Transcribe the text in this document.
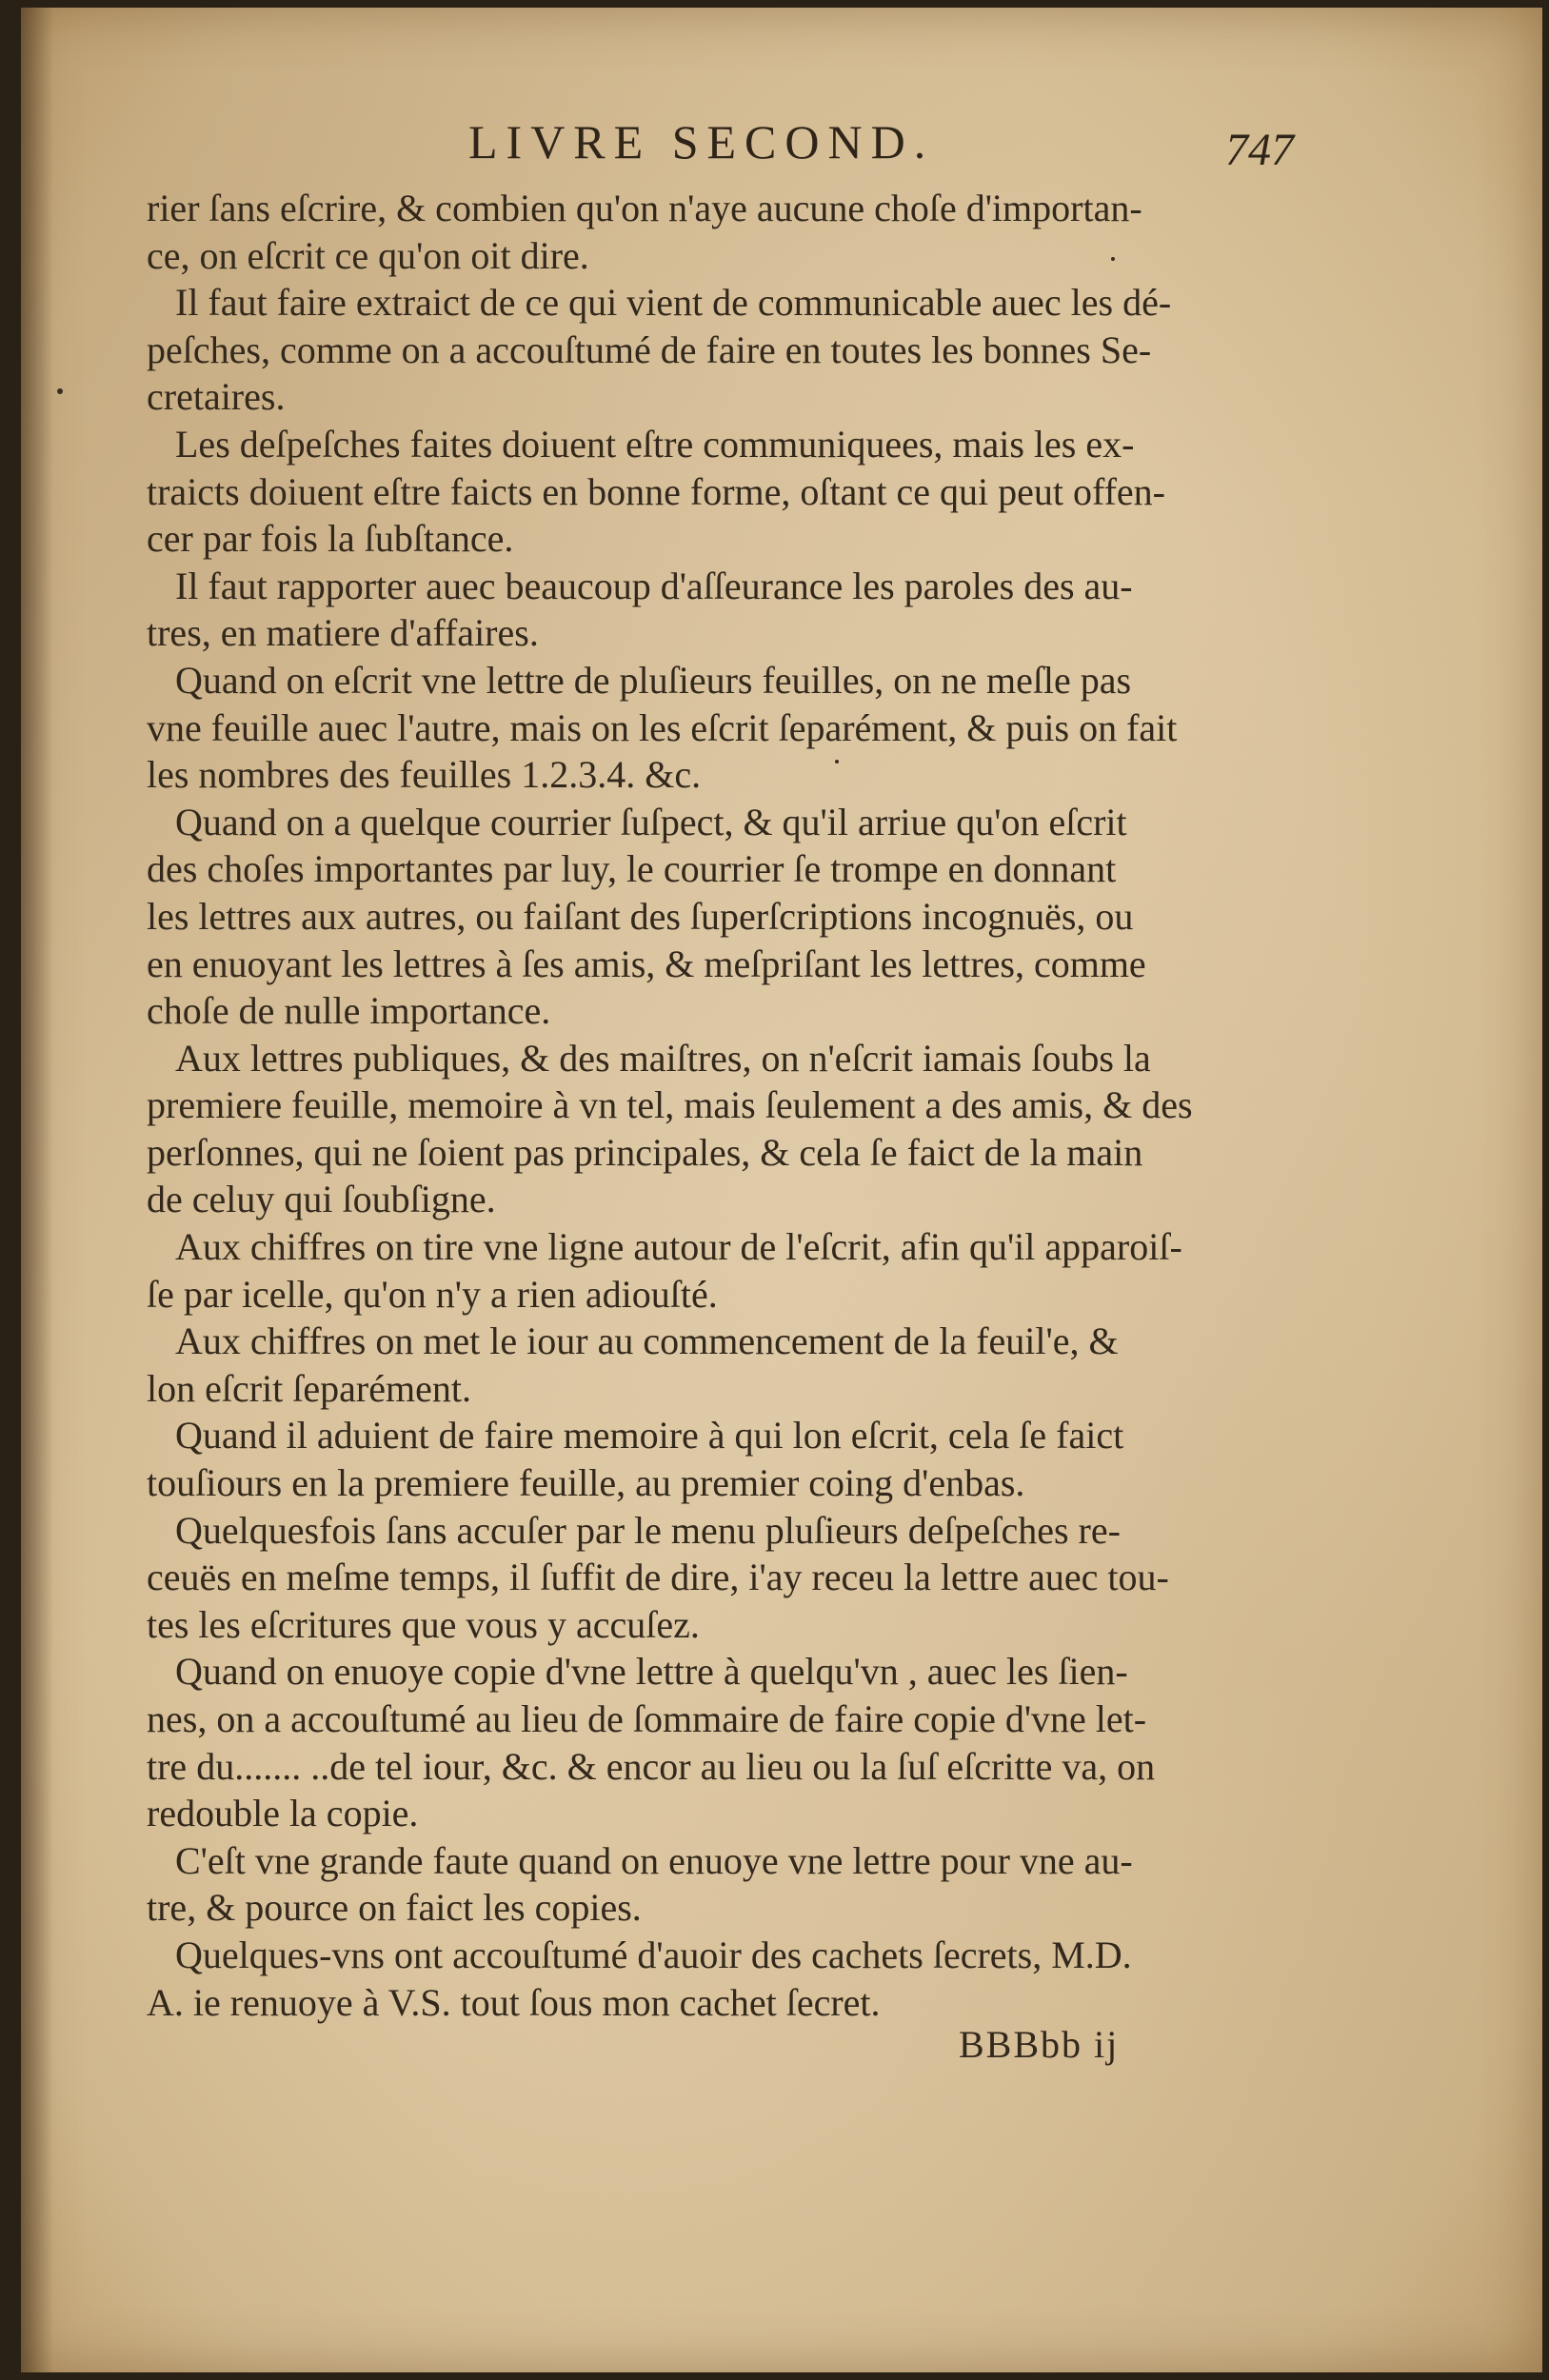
LIVRE SECOND.	747
rier ſans eſcrire, & combien qu'on n'aye aucune choſe d'importan-
ce, on eſcrit ce qu'on oit dire.
Il faut faire extraict de ce qui vient de communicable auec les dé-
peſches, comme on a accouſtumé de faire en toutes les bonnes Se-
cretaires.
Les deſpeſches faites doiuent eſtre communiquees, mais les ex-
traicts doiuent eſtre faicts en bonne forme, oſtant ce qui peut offen-
cer par fois la ſubſtance.
Il faut rapporter auec beaucoup d'aſſeurance les paroles des au-
tres, en matiere d'affaires.
Quand on eſcrit vne lettre de pluſieurs feuilles, on ne meſle pas
vne feuille auec l'autre, mais on les eſcrit ſeparément, & puis on fait
les nombres des feuilles 1.2.3.4. &c.
Quand on a quelque courrier ſuſpect, & qu'il arriue qu'on eſcrit
des choſes importantes par luy, le courrier ſe trompe en donnant
les lettres aux autres, ou faiſant des ſuperſcriptions incognuës, ou
en enuoyant les lettres à ſes amis, & meſpriſant les lettres, comme
choſe de nulle importance.
Aux lettres publiques, & des maiſtres, on n'eſcrit iamais ſoubs la
premiere feuille, memoire à vn tel, mais ſeulement a des amis, & des
perſonnes, qui ne ſoient pas principales, & cela ſe faict de la main
de celuy qui ſoubſigne.
Aux chiffres on tire vne ligne autour de l'eſcrit, afin qu'il apparoiſ-
ſe par icelle, qu'on n'y a rien adiouſté.
Aux chiffres on met le iour au commencement de la feuil'e, &
lon eſcrit ſeparément.
Quand il aduient de faire memoire à qui lon eſcrit, cela ſe faict
touſiours en la premiere feuille, au premier coing d'enbas.
Quelquesfois ſans accuſer par le menu pluſieurs deſpeſches re-
ceuës en meſme temps, il ſuffit de dire, i'ay receu la lettre auec tou-
tes les eſcritures que vous y accuſez.
Quand on enuoye copie d'vne lettre à quelqu'vn , auec les ſien-
nes, on a accouſtumé au lieu de ſommaire de faire copie d'vne let-
tre du....... ..de tel iour, &c. & encor au lieu ou la ſuſ eſcritte va, on
redouble la copie.
C'eſt vne grande faute quand on enuoye vne lettre pour vne au-
tre, & pource on faict les copies.
Quelques-vns ont accouſtumé d'auoir des cachets ſecrets, M.D.
A. ie renuoye à V.S. tout ſous mon cachet ſecret.
BBBbb ij
